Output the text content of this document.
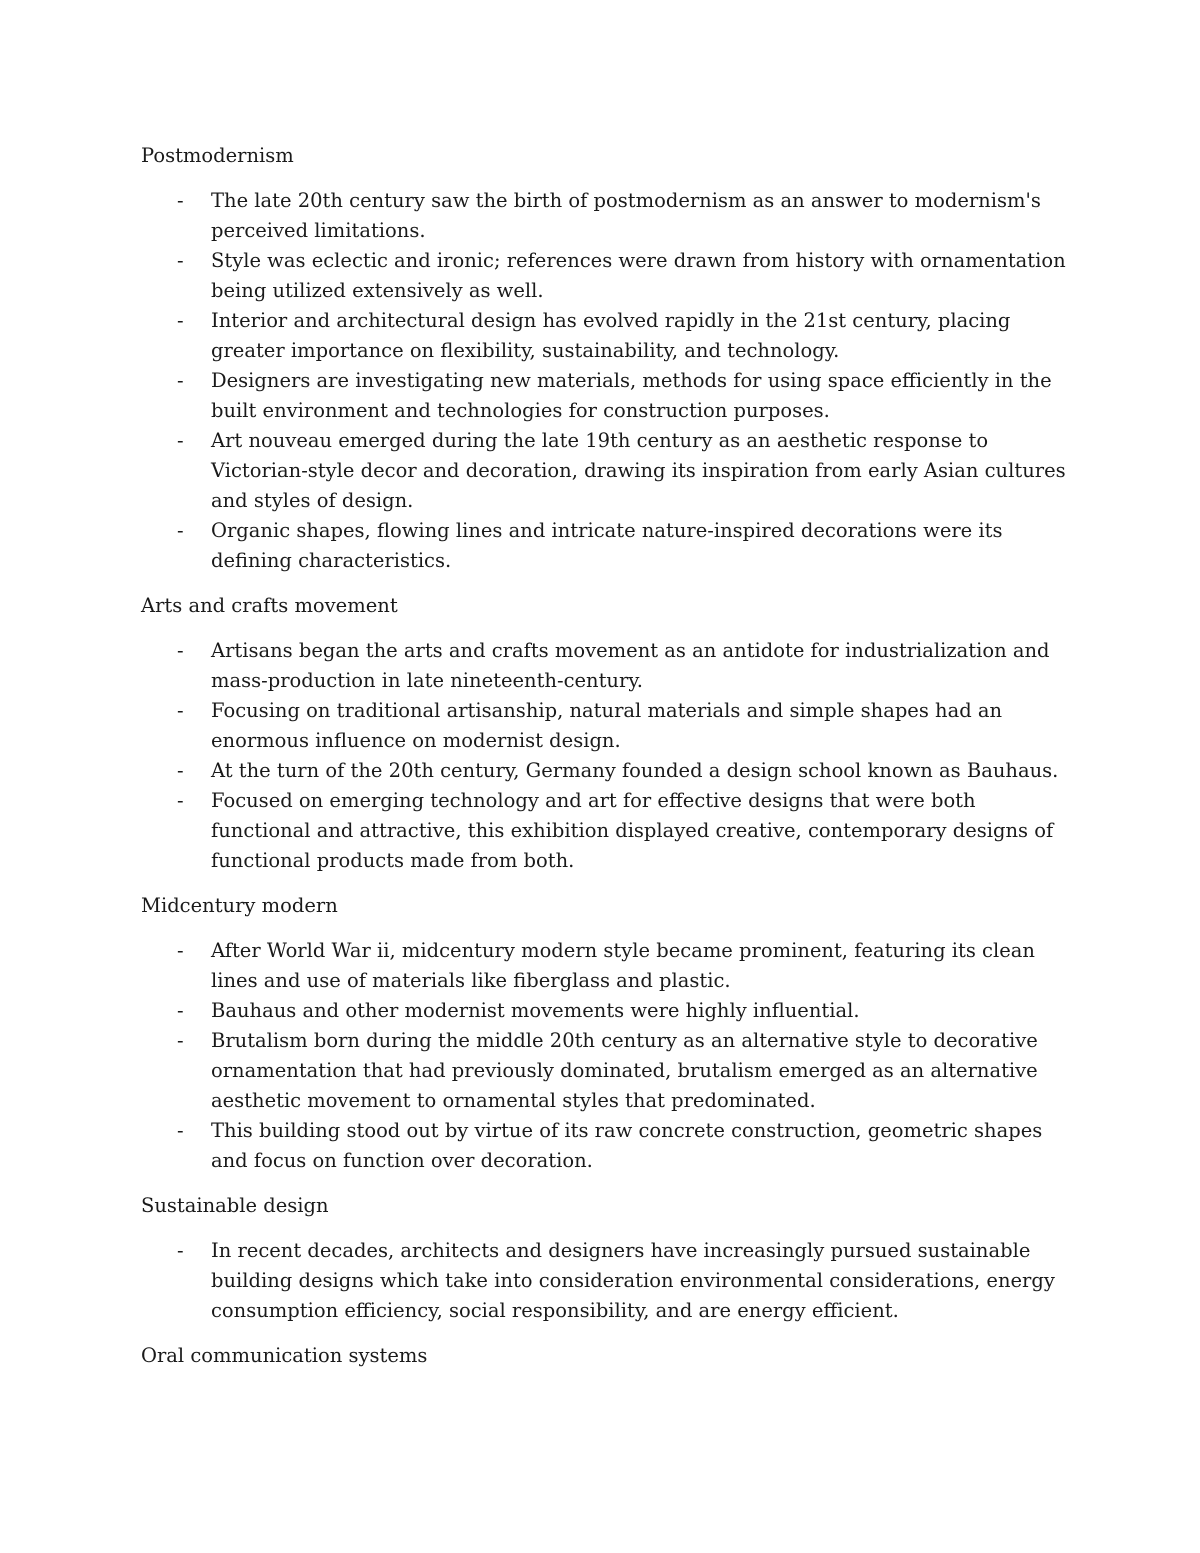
Postmodernism

- The late 20th century saw the birth of postmodernism as an answer to modernism's perceived limitations.
- Style was eclectic and ironic; references were drawn from history with ornamentation being utilized extensively as well.
- Interior and architectural design has evolved rapidly in the 21st century, placing greater importance on flexibility, sustainability, and technology.
- Designers are investigating new materials, methods for using space efficiently in the built environment and technologies for construction purposes.
- Art nouveau emerged during the late 19th century as an aesthetic response to Victorian-style decor and decoration, drawing its inspiration from early Asian cultures and styles of design.
- Organic shapes, flowing lines and intricate nature-inspired decorations were its defining characteristics.

Arts and crafts movement

- Artisans began the arts and crafts movement as an antidote for industrialization and mass-production in late nineteenth-century.
- Focusing on traditional artisanship, natural materials and simple shapes had an enormous influence on modernist design.
- At the turn of the 20th century, Germany founded a design school known as Bauhaus.
- Focused on emerging technology and art for effective designs that were both functional and attractive, this exhibition displayed creative, contemporary designs of functional products made from both.

Midcentury modern

- After World War ii, midcentury modern style became prominent, featuring its clean lines and use of materials like fiberglass and plastic.
- Bauhaus and other modernist movements were highly influential.
- Brutalism born during the middle 20th century as an alternative style to decorative ornamentation that had previously dominated, brutalism emerged as an alternative aesthetic movement to ornamental styles that predominated.
- This building stood out by virtue of its raw concrete construction, geometric shapes and focus on function over decoration.

Sustainable design

- In recent decades, architects and designers have increasingly pursued sustainable building designs which take into consideration environmental considerations, energy consumption efficiency, social responsibility, and are energy efficient.

Oral communication systems
